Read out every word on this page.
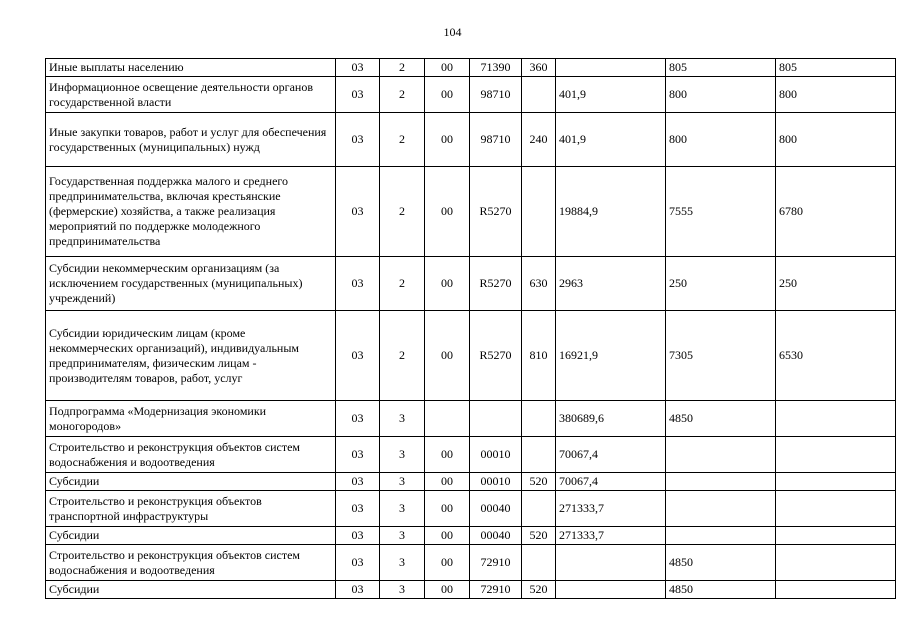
104
Иные выплаты населению	03	2	00	71390	360		805	805
Информационное освещение деятельности органов государственной власти	03	2	00	98710		401,9	800	800
Иные закупки товаров, работ и услуг для обеспечения государственных (муниципальных) нужд	03	2	00	98710	240	401,9	800	800
Государственная поддержка малого и среднего предпринимательства, включая крестьянские (фермерские) хозяйства, а также реализация мероприятий по поддержке молодежного предпринимательства	03	2	00	R5270		19884,9	7555	6780
Субсидии некоммерческим организациям (за исключением государственных (муниципальных) учреждений)	03	2	00	R5270	630	2963	250	250
Субсидии юридическим лицам (кроме некоммерческих организаций), индивидуальным предпринимателям, физическим лицам - производителям товаров, работ, услуг	03	2	00	R5270	810	16921,9	7305	6530
Подпрограмма «Модернизация экономики моногородов»	03	3				380689,6	4850	
Строительство и реконструкция объектов систем водоснабжения и водоотведения	03	3	00	00010		70067,4		
Субсидии	03	3	00	00010	520	70067,4		
Строительство и реконструкция объектов транспортной инфраструктуры	03	3	00	00040		271333,7		
Субсидии	03	3	00	00040	520	271333,7		
Строительство и реконструкция объектов систем водоснабжения и водоотведения	03	3	00	72910			4850	
Субсидии	03	3	00	72910	520		4850	
